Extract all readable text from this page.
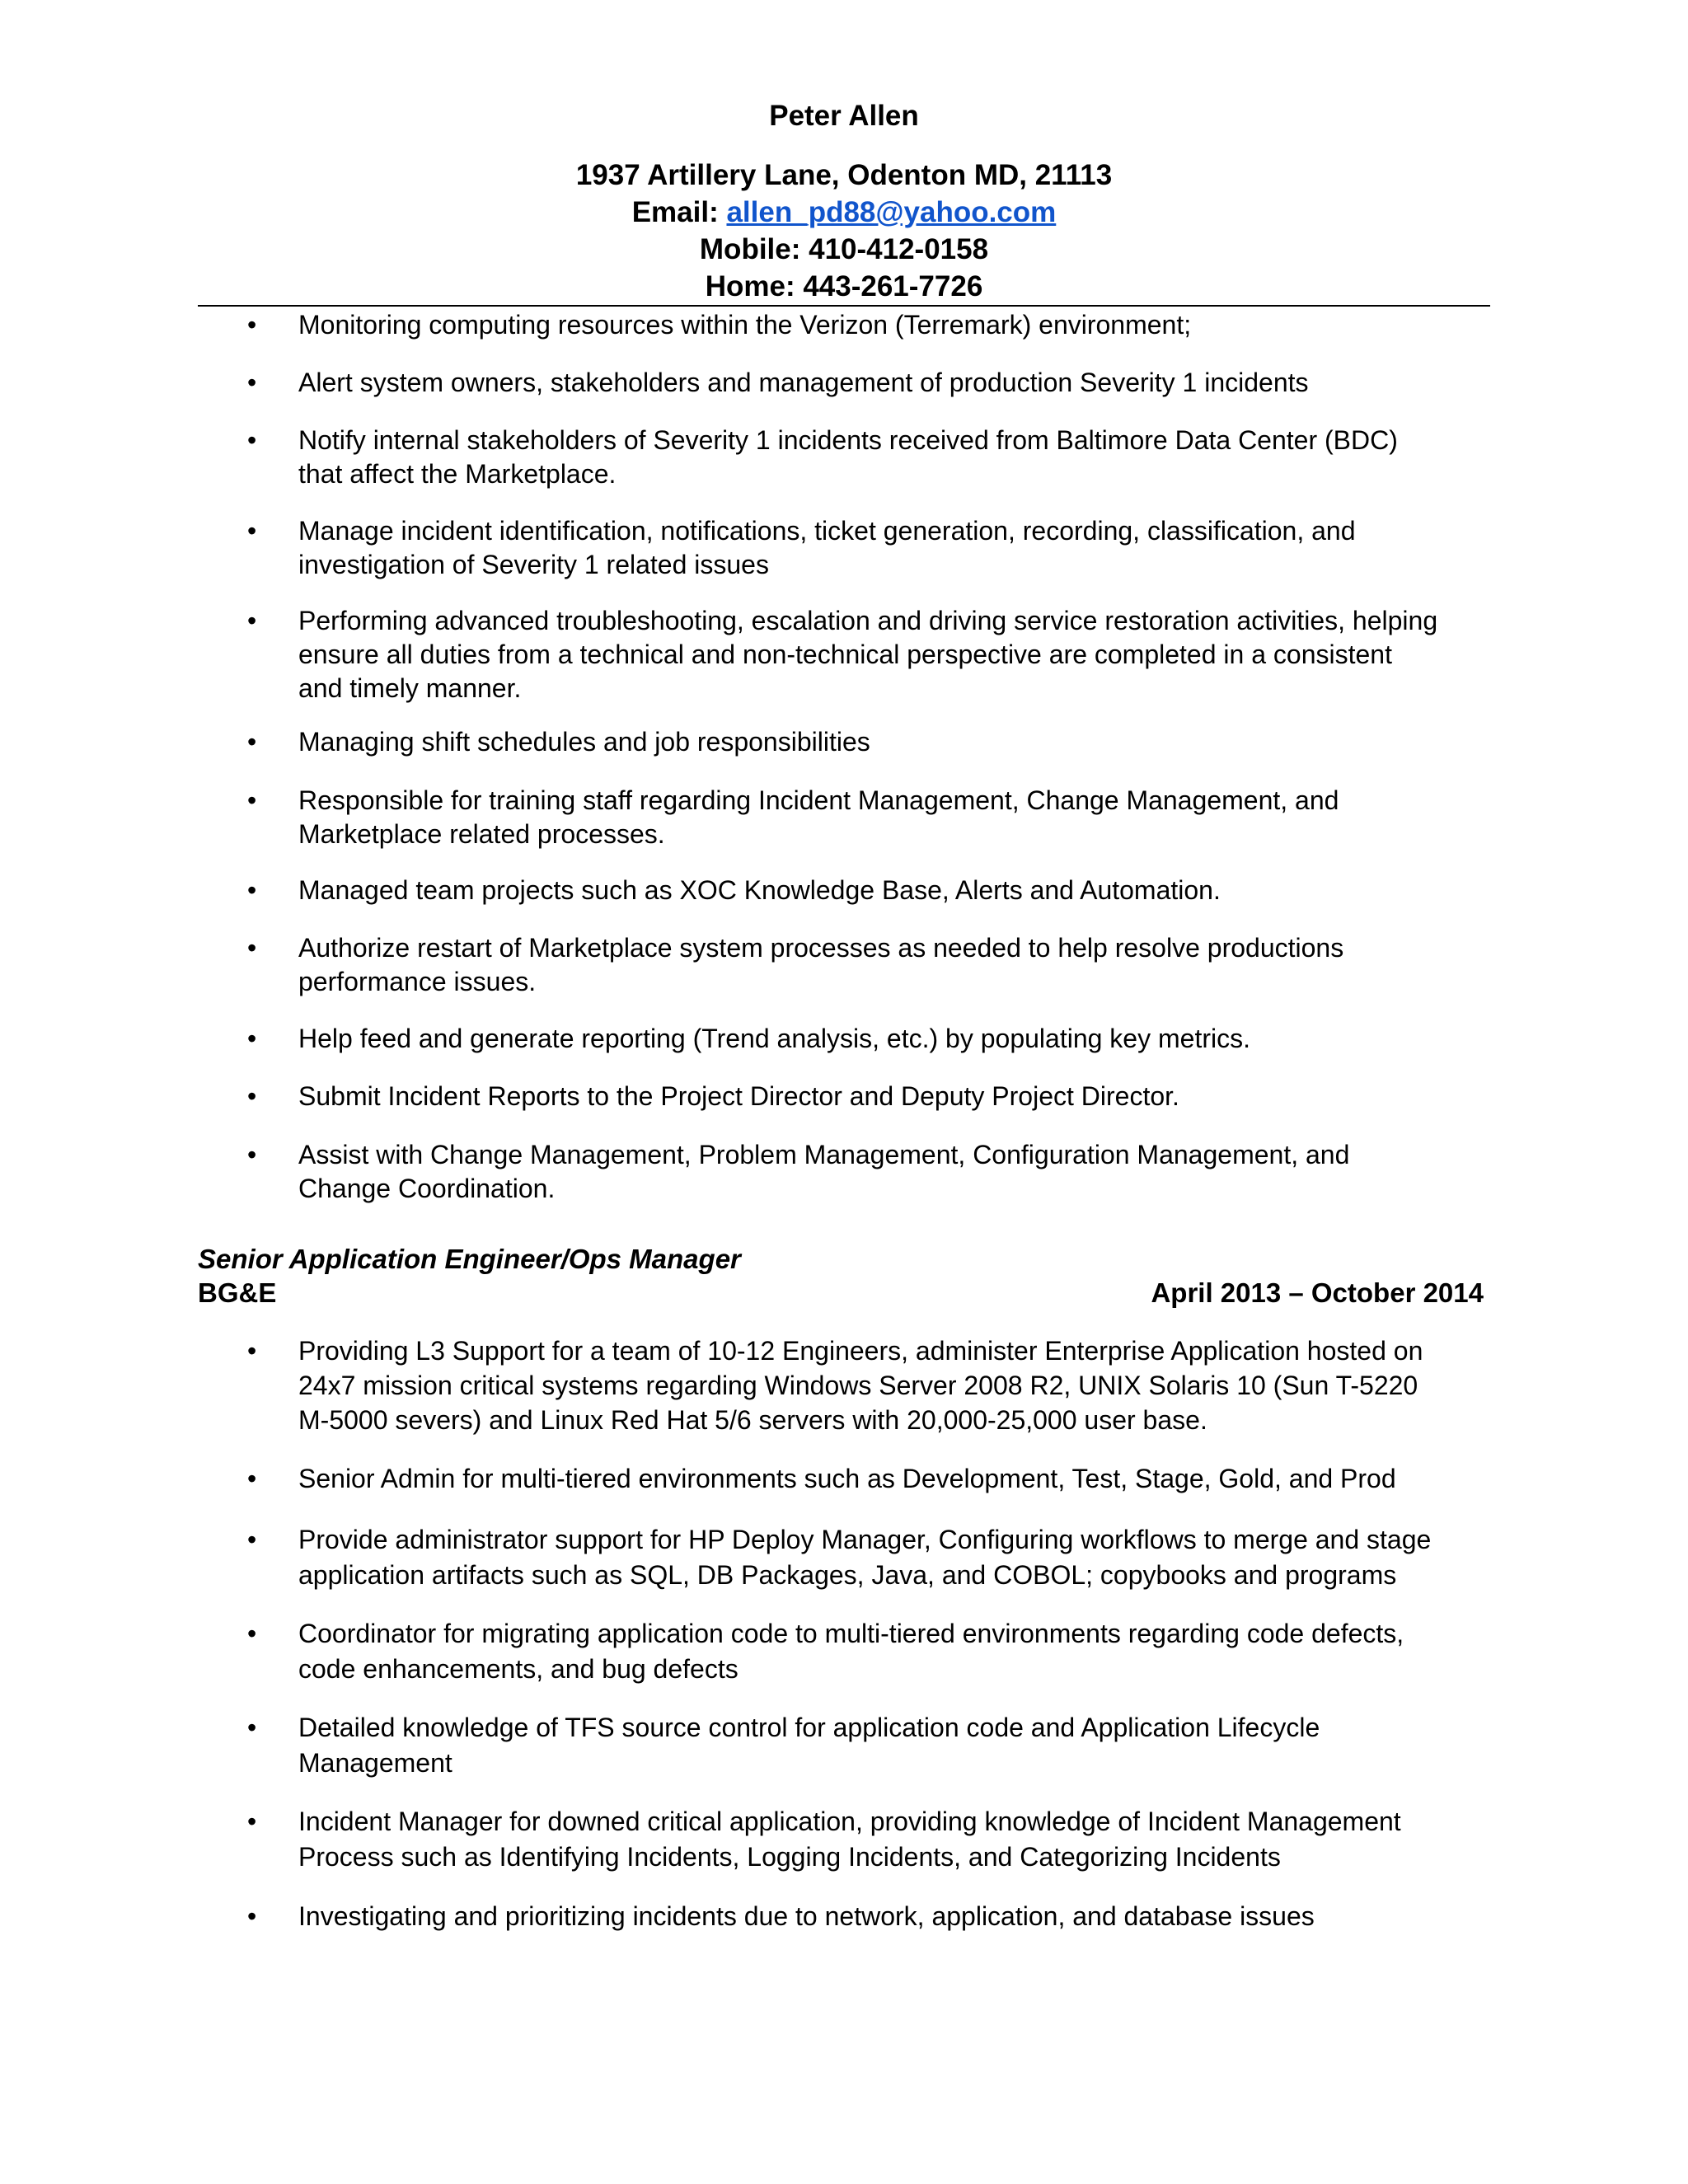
Peter Allen
1937 Artillery Lane, Odenton MD, 21113
Email: allen_pd88@yahoo.com
Mobile: 410-412-0158
Home: 443-261-7726
• Monitoring computing resources within the Verizon (Terremark) environment;
• Alert system owners, stakeholders and management of production Severity 1 incidents
• Notify internal stakeholders of Severity 1 incidents received from Baltimore Data Center (BDC)
that affect the Marketplace.
• Manage incident identification, notifications, ticket generation, recording, classification, and
investigation of Severity 1 related issues
• Performing advanced troubleshooting, escalation and driving service restoration activities, helping
ensure all duties from a technical and non-technical perspective are completed in a consistent
and timely manner.
• Managing shift schedules and job responsibilities
• Responsible for training staff regarding Incident Management, Change Management, and
Marketplace related processes.
• Managed team projects such as XOC Knowledge Base, Alerts and Automation.
• Authorize restart of Marketplace system processes as needed to help resolve productions
performance issues.
• Help feed and generate reporting (Trend analysis, etc.) by populating key metrics.
• Submit Incident Reports to the Project Director and Deputy Project Director.
• Assist with Change Management, Problem Management, Configuration Management, and
Change Coordination.
Senior Application Engineer/Ops Manager
BG&E	April 2013 – October 2014
• Providing L3 Support for a team of 10-12 Engineers, administer Enterprise Application hosted on
24x7 mission critical systems regarding Windows Server 2008 R2, UNIX Solaris 10 (Sun T-5220
M-5000 severs) and Linux Red Hat 5/6 servers with 20,000-25,000 user base.
• Senior Admin for multi-tiered environments such as Development, Test, Stage, Gold, and Prod
• Provide administrator support for HP Deploy Manager, Configuring workflows to merge and stage
application artifacts such as SQL, DB Packages, Java, and COBOL; copybooks and programs
• Coordinator for migrating application code to multi-tiered environments regarding code defects,
code enhancements, and bug defects
• Detailed knowledge of TFS source control for application code and Application Lifecycle
Management
• Incident Manager for downed critical application, providing knowledge of Incident Management
Process such as Identifying Incidents, Logging Incidents, and Categorizing Incidents
• Investigating and prioritizing incidents due to network, application, and database issues
